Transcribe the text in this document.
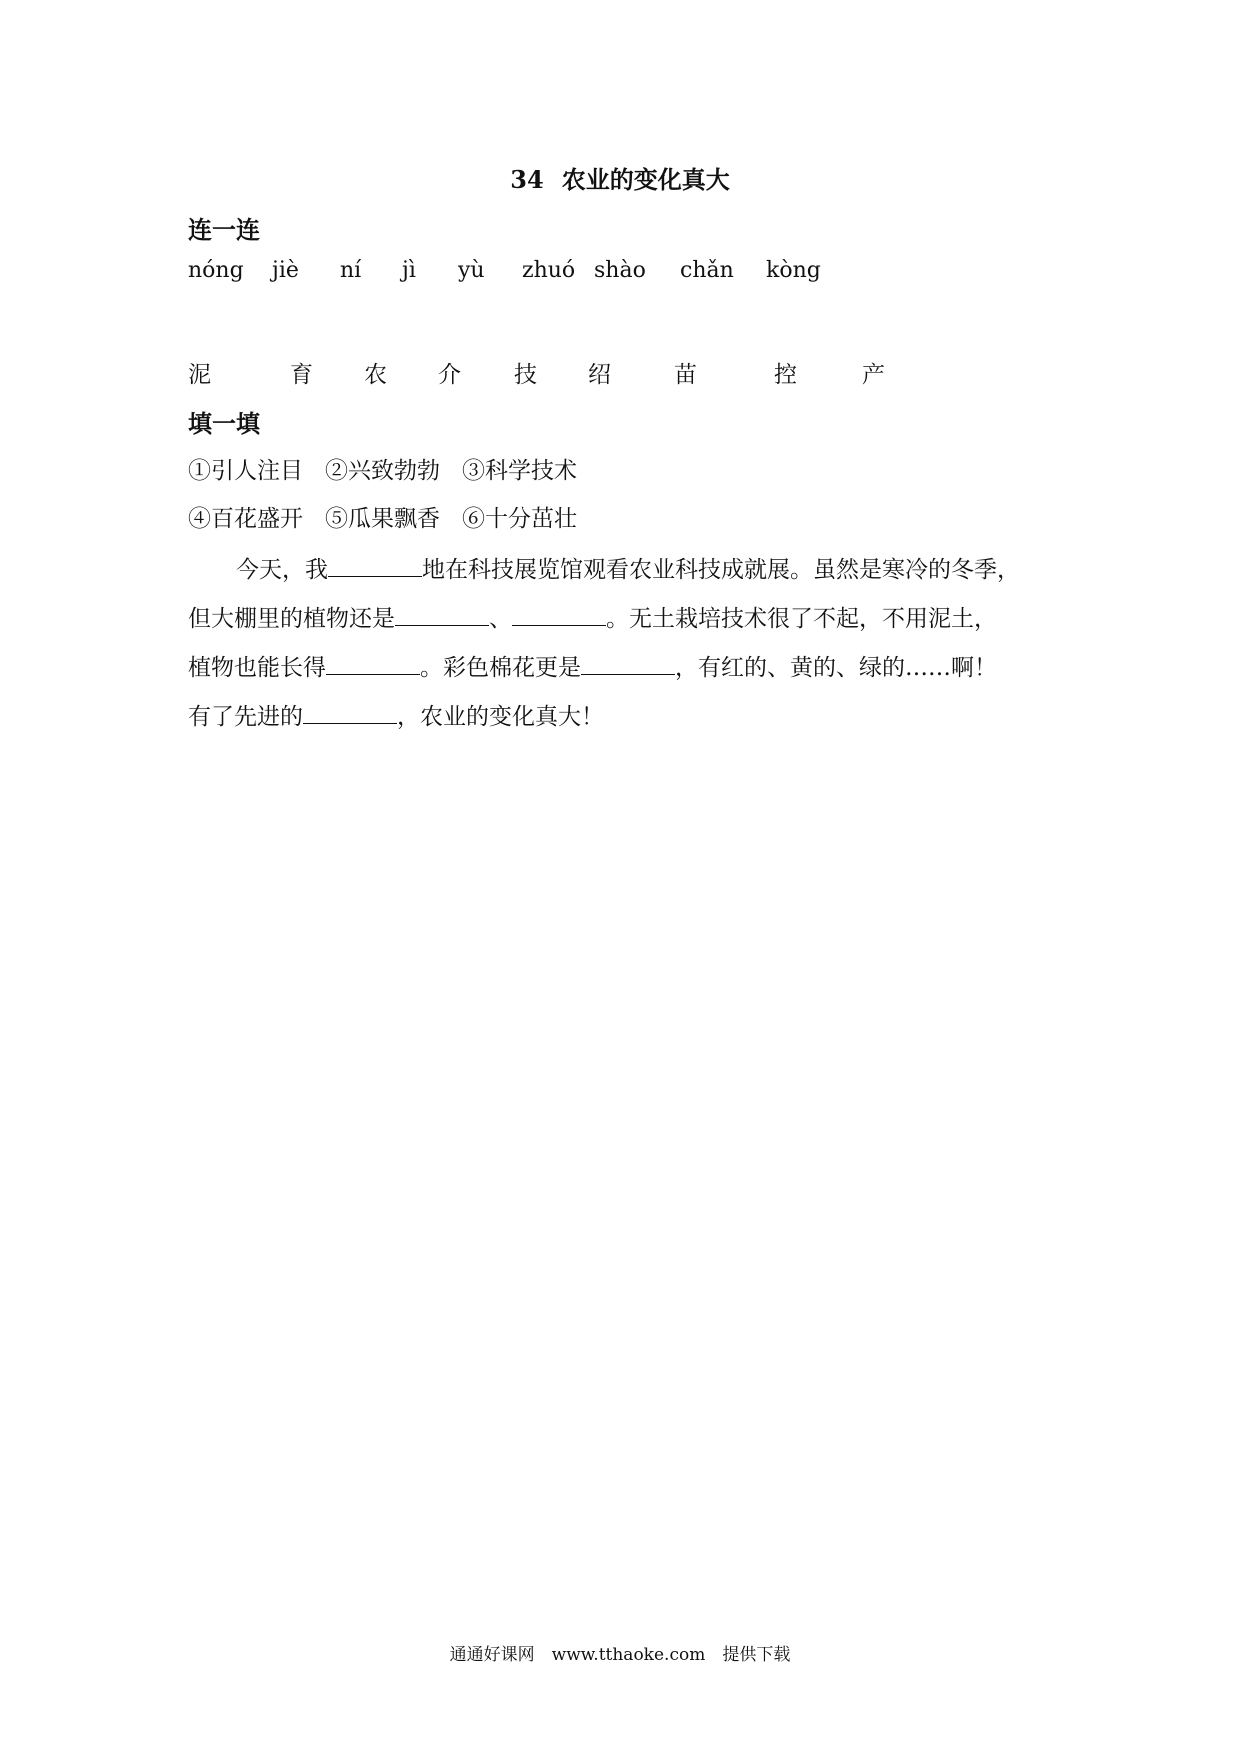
34 农业的变化真大
连一连
nóng jiè ní jì yù zhuó shào chǎn kòng
泥	育 农 介 技 绍	苗	控	产
填一填
①引人注目 ②兴致勃勃 ③科学技术
④百花盛开 ⑤瓜果飘香 ⑥十分茁壮

今天，我	地在科技展览馆观看农业科技成就展。虽然是寒冷的冬季，

但大棚里的植物还是	、	。无土栽培技术很了不起，不用泥土，

植物也能长得	。彩色棉花更是	，有红的、黄的、绿的……啊！

有了先进的	，农业的变化真大！

通通好课网　www.tthaoke.com　提供下载
